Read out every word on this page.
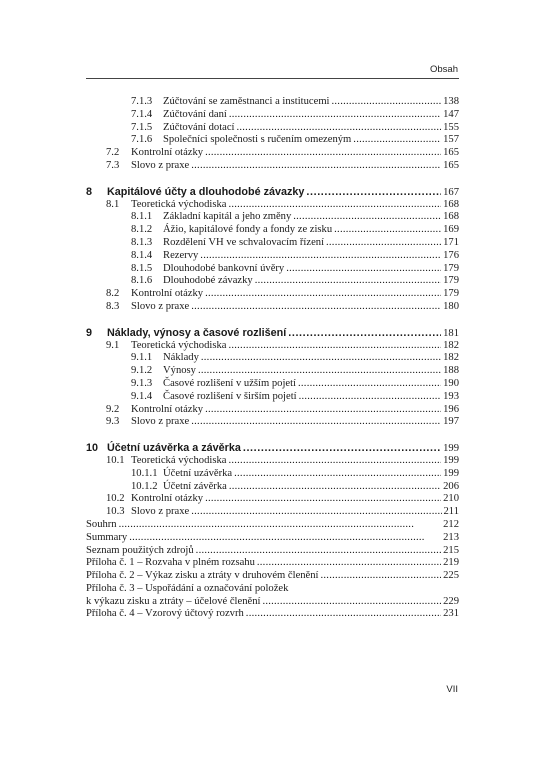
Obsah
7.1.3	Zúčtování se zaměstnanci a institucemi . . .	138
7.1.4	Zúčtování daní . . .	147
7.1.5	Zúčtování dotací . . .	155
7.1.6	Společníci společnosti s ručením omezeným . . .	157
7.2	Kontrolní otázky . . .	165
7.3	Slovo z praxe . . .	165
8	Kapitálové účty a dlouhodobé závazky . . .	167
8.1	Teoretická východiska . . .	168
8.1.1	Základní kapitál a jeho změny . . .	168
8.1.2	Ážio, kapitálové fondy a fondy ze zisku . . .	169
8.1.3	Rozdělení VH ve schvalovacím řízení . . .	171
8.1.4	Rezervy . . .	176
8.1.5	Dlouhodobé bankovní úvěry . . .	179
8.1.6	Dlouhodobé závazky . . .	179
8.2	Kontrolní otázky . . .	179
8.3	Slovo z praxe . . .	180
9	Náklady, výnosy a časové rozlišení . . .	181
9.1	Teoretická východiska . . .	182
9.1.1	Náklady . . .	182
9.1.2	Výnosy . . .	188
9.1.3	Časové rozlišení v užším pojetí . . .	190
9.1.4	Časové rozlišení v širším pojetí . . .	193
9.2	Kontrolní otázky . . .	196
9.3	Slovo z praxe . . .	197
10 Účetní uzávěrka a závěrka . . .	199
10.1 Teoretická východiska . . .	199
10.1.1 Účetní uzávěrka . . .	199
10.1.2 Účetní závěrka . . .	206
10.2 Kontrolní otázky . . .	210
10.3 Slovo z praxe . . .	211
Souhrn . . .	212
Summary . . .	213
Seznam použitých zdrojů . . .	215
Příloha č. 1 – Rozvaha v plném rozsahu . . .	219
Příloha č. 2 – Výkaz zisku a ztráty v druhovém členění . . .	225
Příloha č. 3 – Uspořádání a označování položek
k výkazu zisku a ztráty – účelové členění . . .	229
Příloha č. 4 – Vzorový účtový rozvrh . . .	231
VII
